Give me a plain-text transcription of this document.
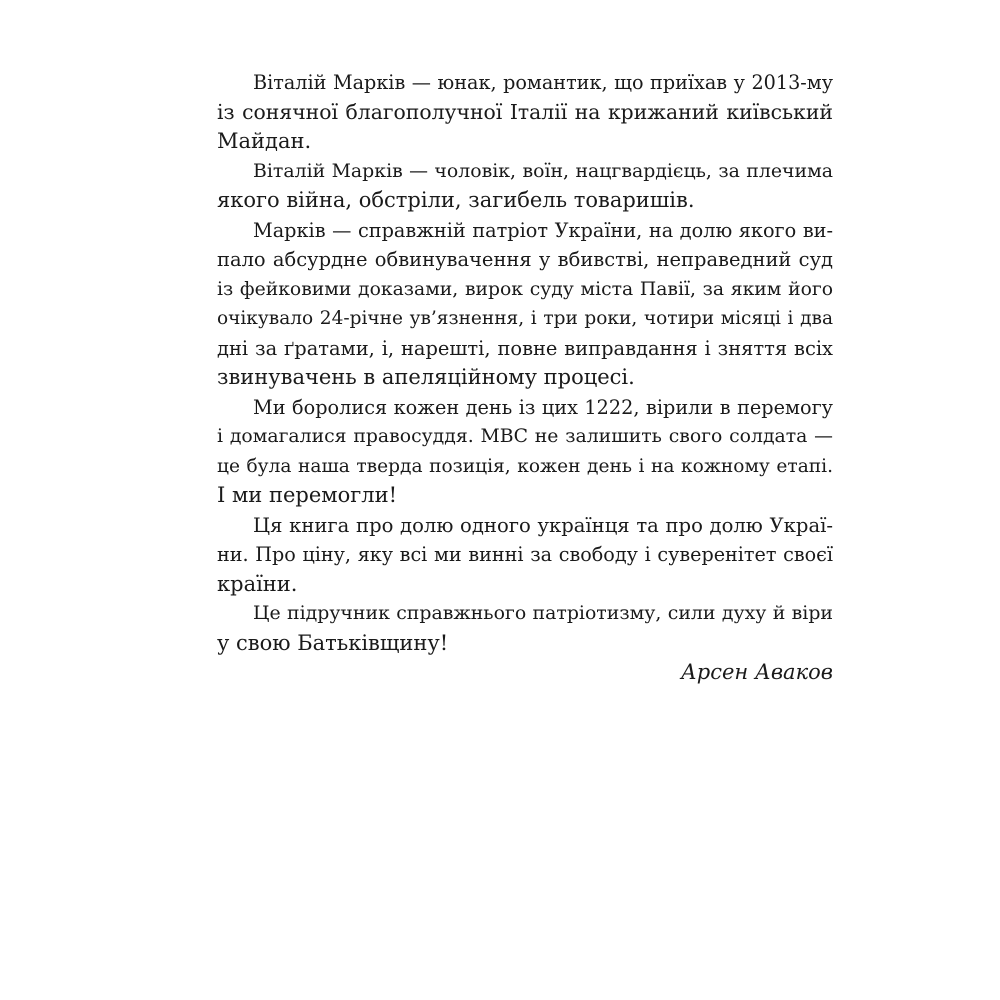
Віталій Марків — юнак, романтик, що приїхав у 2013-му
із сонячної благополучної Італії на крижаний київський
Майдан.
Віталій Марків — чоловік, воїн, нацгвардієць, за плечима
якого війна, обстріли, загибель товаришів.
Марків — справжній патріот України, на долю якого ви-
пало абсурдне обвинувачення у вбивстві, неправедний суд
із фейковими доказами, вирок суду міста Павії, за яким його
очікувало 24-річне ув’язнення, і три роки, чотири місяці і два
дні за ґратами, і, нарешті, повне виправдання і зняття всіх
звинувачень в апеляційному процесі.
Ми боролися кожен день із цих 1222, вірили в перемогу
і домагалися правосуддя. МВС не залишить свого солдата —
це була наша тверда позиція, кожен день і на кожному етапі.
І ми перемогли!
Ця книга про долю одного українця та про долю Украї-
ни. Про ціну, яку всі ми винні за свободу і суверенітет своєї
країни.
Це підручник справжнього патріотизму, сили духу й віри
у свою Батьківщину!
Арсен Аваков
